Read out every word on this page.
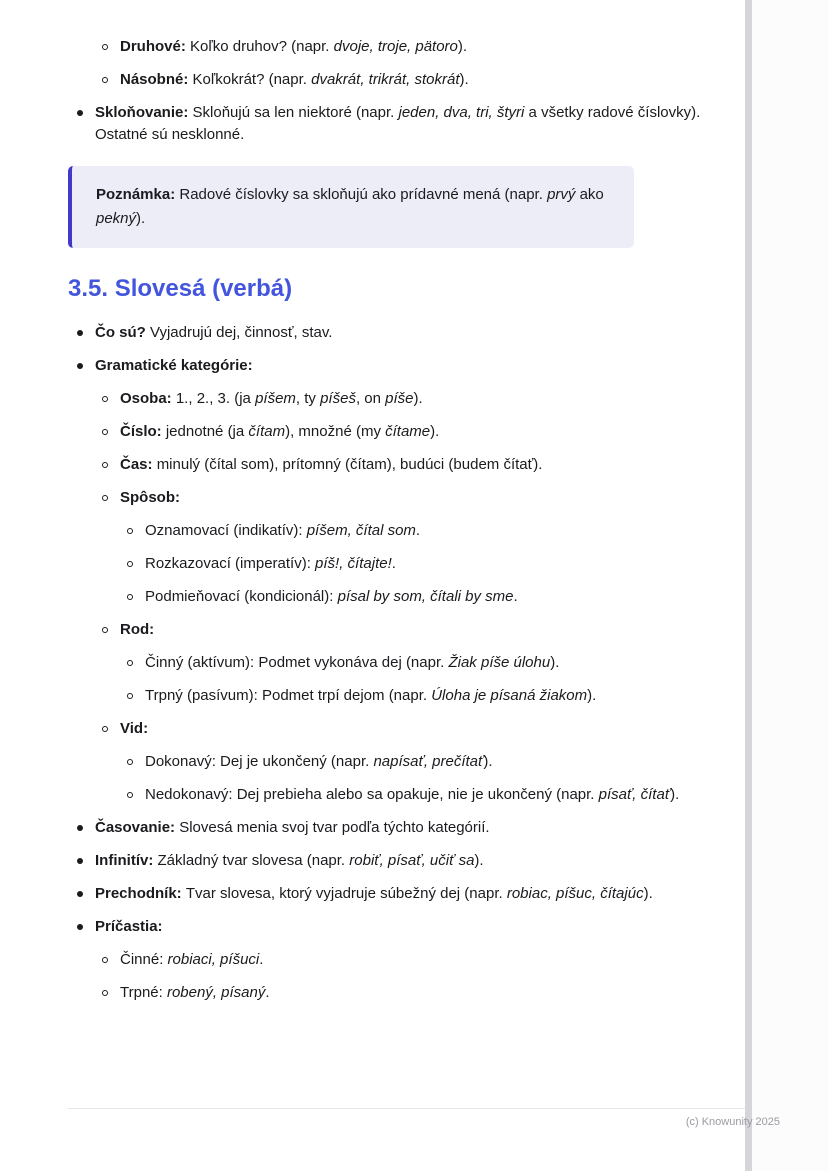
Druhové: Koľko druhov? (napr. dvoje, troje, pätoro).
Násobné: Koľkokrát? (napr. dvakrát, trikrát, stokrát).
Skloňovanie: Skloňujú sa len niektoré (napr. jeden, dva, tri, štyri a všetky radové číslovky). Ostatné sú nesklonné.

Poznámka: Radové číslovky sa skloňujú ako prídavné mená (napr. prvý ako pekný).

3.5. Slovesá (verbá)
Čo sú? Vyjadrujú dej, činnosť, stav.
Gramatické kategórie:
Osoba: 1., 2., 3. (ja píšem, ty píšeš, on píše).
Číslo: jednotné (ja čítam), množné (my čítame).
Čas: minulý (čítal som), prítomný (čítam), budúci (budem čítať).
Spôsob:
Oznamovací (indikatív): píšem, čítal som.
Rozkazovací (imperatív): píš!, čítajte!.
Podmieňovací (kondicionál): písal by som, čítali by sme.
Rod:
Činný (aktívum): Podmet vykonáva dej (napr. Žiak píše úlohu).
Trpný (pasívum): Podmet trpí dejom (napr. Úloha je písaná žiakom).
Vid:
Dokonavý: Dej je ukončený (napr. napísať, prečítať).
Nedokonavý: Dej prebieha alebo sa opakuje, nie je ukončený (napr. písať, čítať).
Časovanie: Slovesá menia svoj tvar podľa týchto kategórií.
Infinitív: Základný tvar slovesa (napr. robiť, písať, učiť sa).
Prechodník: Tvar slovesa, ktorý vyjadruje súbežný dej (napr. robiac, píšuc, čítajúc).
Príčastia:
Činné: robiaci, píšuci.
Trpné: robený, písaný.
(c) Knowunity 2025
